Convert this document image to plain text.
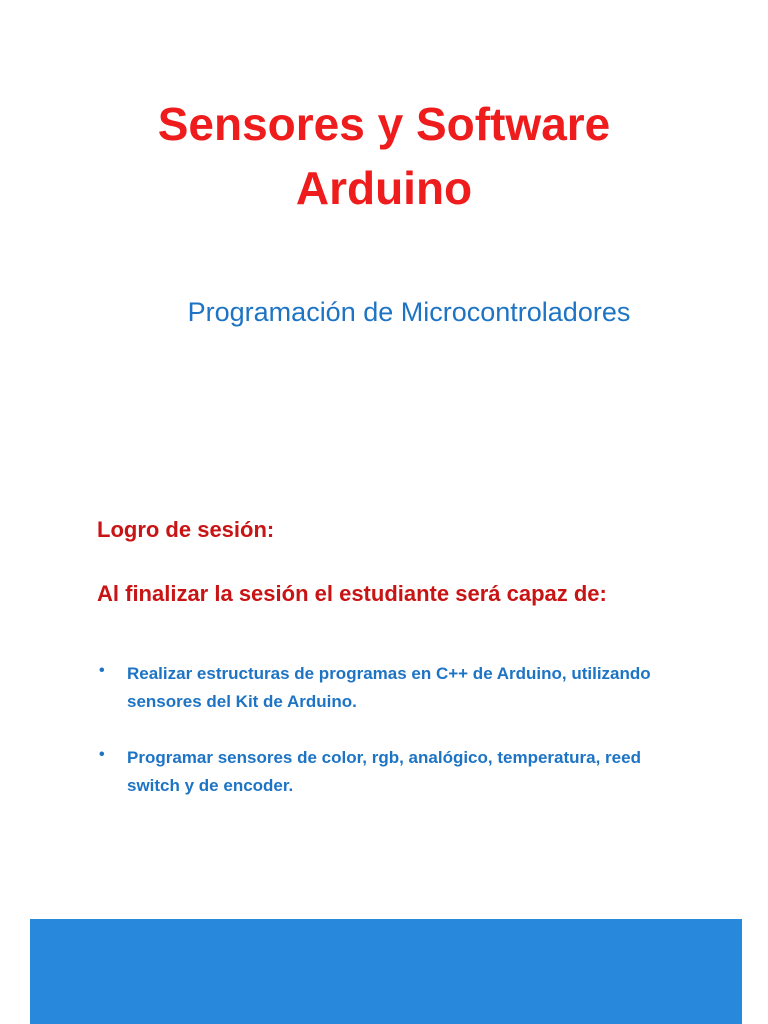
Sensores y Software
Arduino
Programación de Microcontroladores
Logro de sesión:
Al finalizar la sesión el estudiante será capaz de:
• Realizar estructuras de programas en C++ de Arduino, utilizando sensores del Kit de Arduino.
• Programar sensores de color, rgb, analógico, temperatura, reed switch y de encoder.
